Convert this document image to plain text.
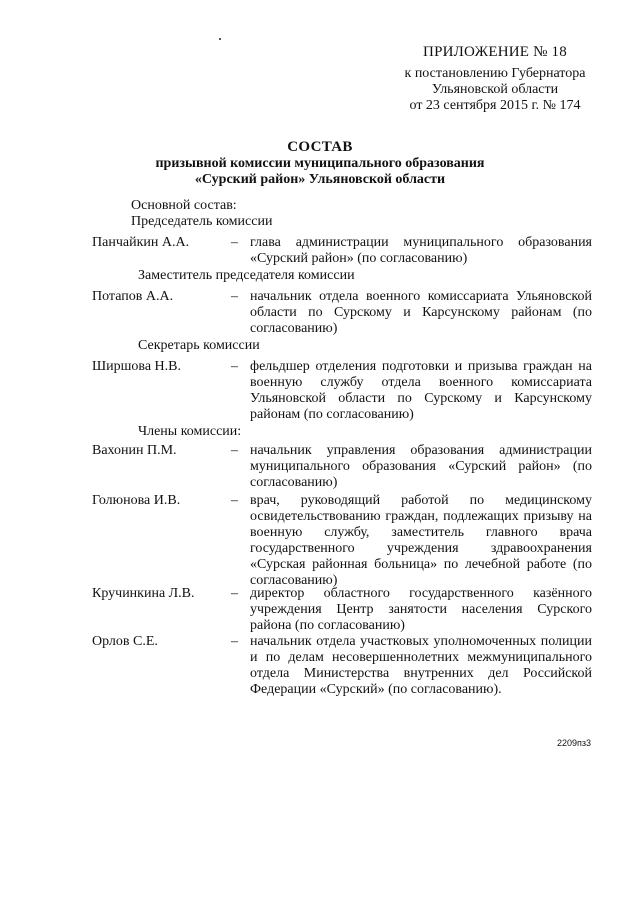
ПРИЛОЖЕНИЕ № 18
к постановлению Губернатора
Ульяновской области
от 23 сентября 2015 г. № 174
СОСТАВ
призывной комиссии муниципального образования
«Сурский район» Ульяновской области
Основной состав:
Председатель комиссии
Панчайкин А.А.	– глава администрации муниципального образования «Сурский район» (по согласованию)
Заместитель председателя комиссии
Потапов А.А.	– начальник отдела военного комиссариата Ульяновской области по Сурскому и Карсунскому районам (по согласованию)
Секретарь комиссии
Ширшова Н.В.	– фельдшер отделения подготовки и призыва граждан на военную службу отдела военного комиссариата Ульяновской области по Сурскому и Карсунскому районам (по согласованию)
Члены комиссии:
Вахонин П.М.	– начальник управления образования администрации муниципального образования «Сурский район» (по согласованию)
Голюнова И.В.	– врач, руководящий работой по медицинскому освидетельствованию граждан, подлежащих призыву на военную службу, заместитель главного врача государственного учреждения здравоохранения «Сурская районная больница» по лечебной работе (по согласованию)
Кручинкина Л.В.	– директор областного государственного казённого учреждения Центр занятости населения Сурского района (по согласованию)
Орлов С.Е.	– начальник отдела участковых уполномоченных полиции и по делам несовершеннолетних межмуниципального отдела Министерства внутренних дел Российской Федерации «Сурский» (по согласованию).
2209пз3
